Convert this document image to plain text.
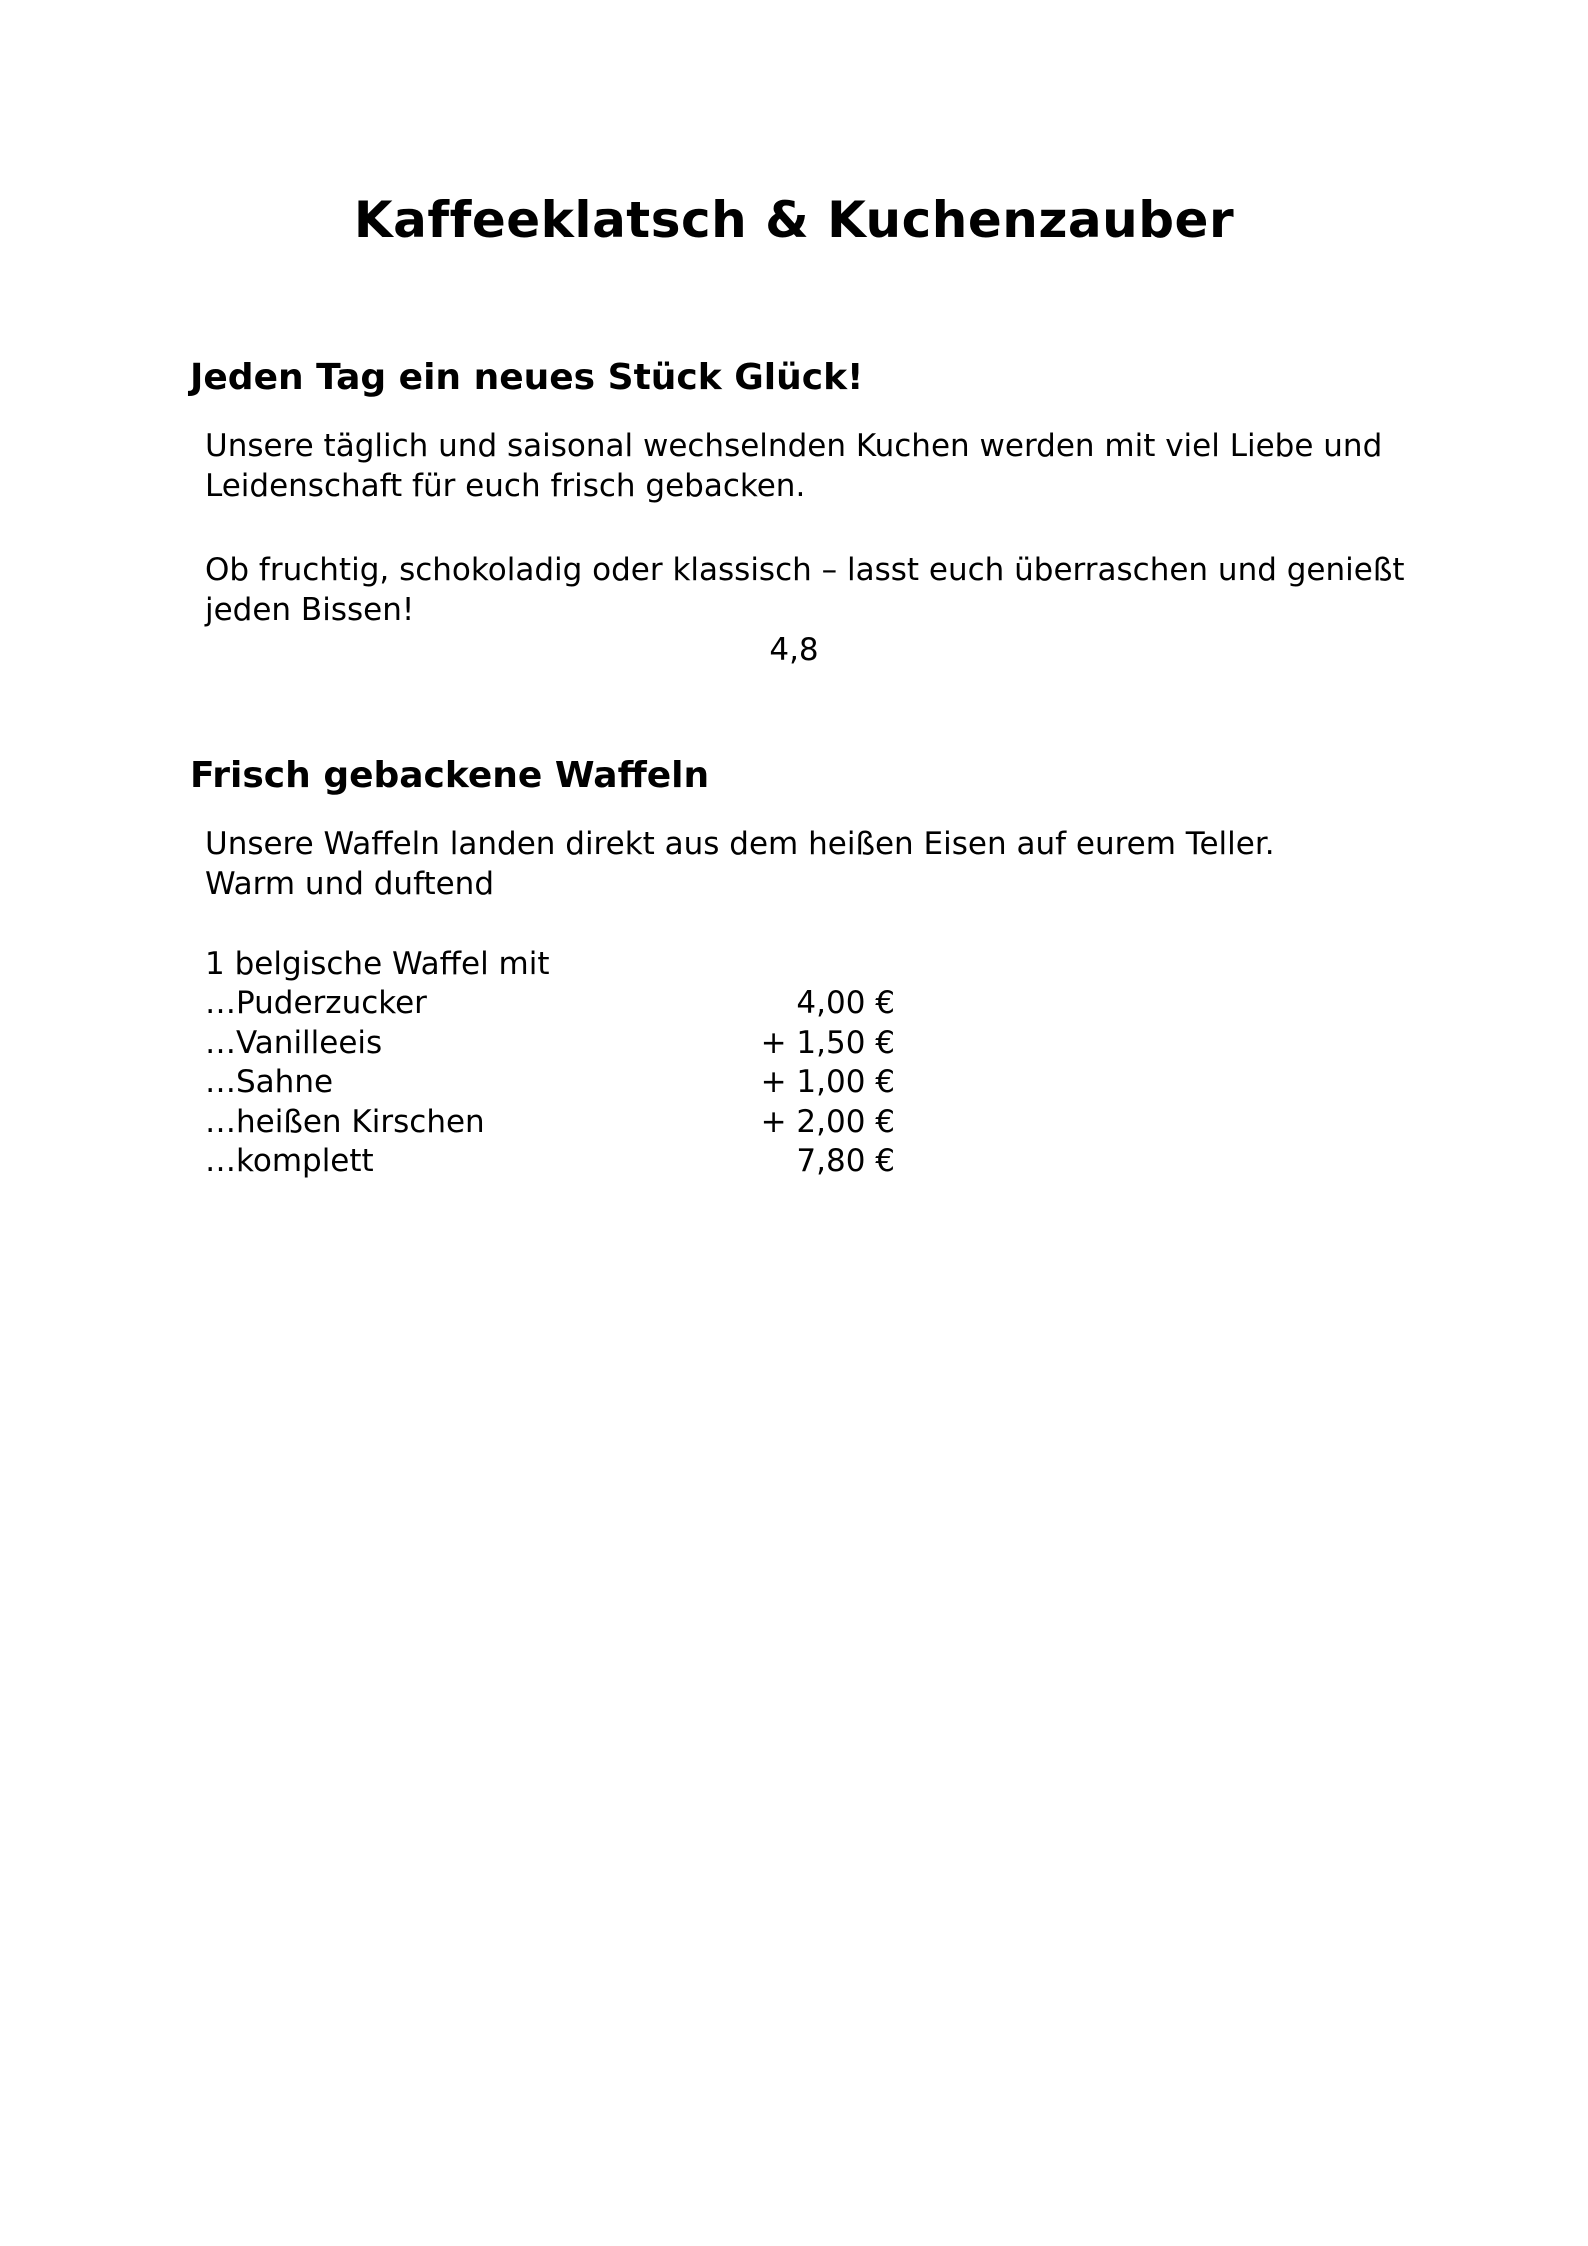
Kaffeeklatsch & Kuchenzauber
Jeden Tag ein neues Stück Glück!
Unsere täglich und saisonal wechselnden Kuchen werden mit viel Liebe und
Leidenschaft für euch frisch gebacken.
Ob fruchtig, schokoladig oder klassisch – lasst euch überraschen und genießt
jeden Bissen!
4,8
Frisch gebackene Waffeln
Unsere Waffeln landen direkt aus dem heißen Eisen auf eurem Teller.
Warm und duftend
1 belgische Waffel mit
…Puderzucker	4,00 €
…Vanilleeis	+ 1,50 €
…Sahne	+ 1,00 €
…heißen Kirschen	+ 2,00 €
…komplett	7,80 €
